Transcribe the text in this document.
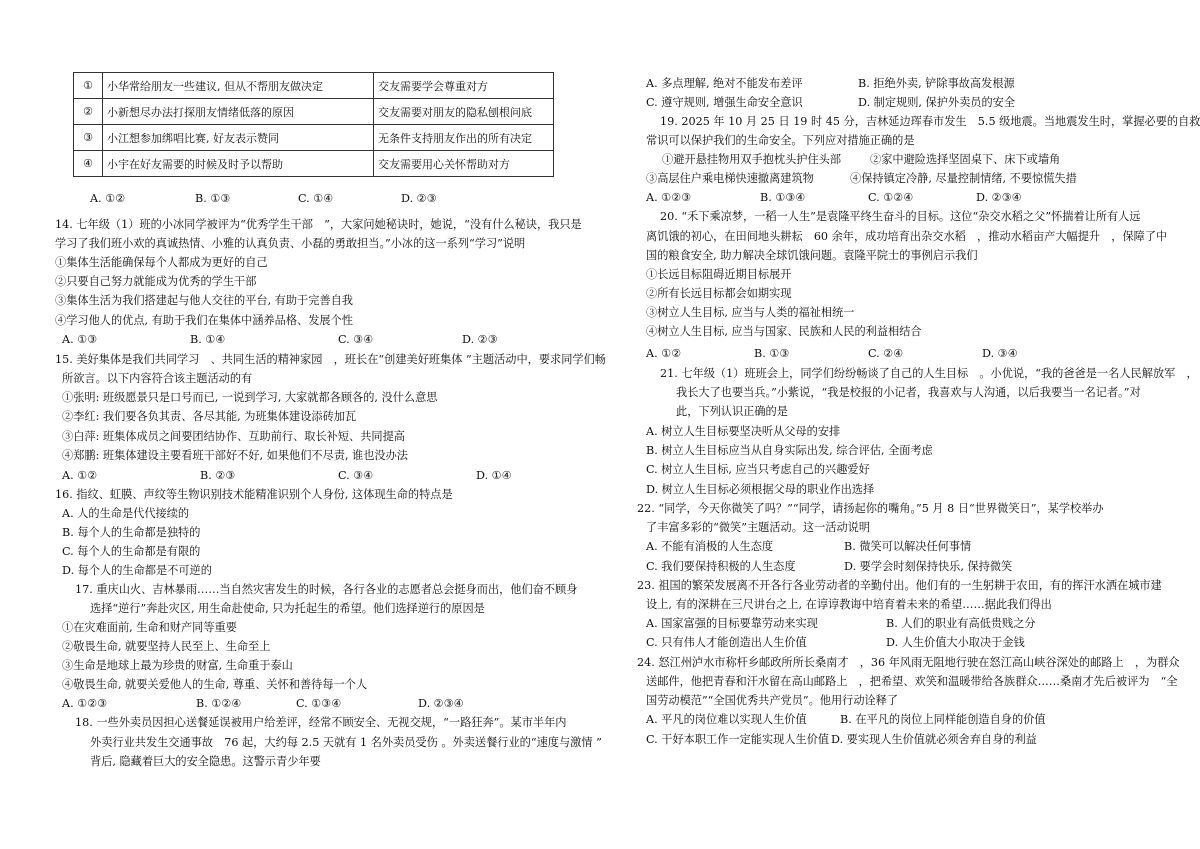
①	小华常给朋友一些建议, 但从不帮朋友做决定	交友需要学会尊重对方
②	小新想尽办法打探朋友情绪低落的原因	交友需要对朋友的隐私刨根问底
③	小江想参加绑唱比赛, 好友表示赞同	无条件支持朋友作出的所有决定
④	小宇在好友需要的时候及时予以帮助	交友需要用心关怀帮助对方
A. ①②	B. ①③	C. ①④	D. ②③
14. 七年级（1）班的小冰同学被评为“优秀学生干部　”，大家问她秘诀时，她说，“没有什么秘诀，我只是
学习了我们班小欢的真诚热情、小雅的认真负责、小磊的勇敢担当。”小冰的这一系列“学习”说明
①集体生活能确保每个人都成为更好的自己
②只要自己努力就能成为优秀的学生干部
③集体生活为我们搭建起与他人交往的平台, 有助于完善自我
④学习他人的优点, 有助于我们在集体中涵养品格、发展个性
A. ①③	B. ①④	C. ③④	D. ②③
15. 美好集体是我们共同学习　、共同生活的精神家园　，班长在“创建美好班集体 ”主题活动中，要求同学们畅
所欲言。以下内容符合该主题活动的有
①张明: 班级愿景只是口号而已, 一说到学习, 大家就都各顾各的, 没什么意思
②李红: 我们要各负其责、各尽其能, 为班集体建设添砖加瓦
③白萍: 班集体成员之间要团结协作、互助前行、取长补短、共同提高
④郑鹏: 班集体建设主要看班干部好不好, 如果他们不尽责, 谁也没办法
A. ①②	B. ②③	C. ③④	D. ①④
16. 指纹、虹膜、声纹等生物识别技术能精准识别个人身份, 这体现生命的特点是
A. 人的生命是代代接续的
B. 每个人的生命都是独特的
C. 每个人的生命都是有限的
D. 每个人的生命都是不可逆的
17. 重庆山火、吉林暴雨……当自然灾害发生的时候，各行各业的志愿者总会挺身而出，他们奋不顾身
选择“逆行”奔赴灾区, 用生命赴使命, 只为托起生的希望。他们选择逆行的原因是
①在灾难面前, 生命和财产同等重要
②敬畏生命, 就要坚持人民至上、生命至上
③生命是地球上最为珍贵的财富, 生命重于泰山
④敬畏生命, 就要关爱他人的生命, 尊重、关怀和善待每一个人
A. ①②③	B. ①②④	C. ①③④	D. ②③④
18. 一些外卖员因担心送餐延误被用户给差评，经常不顾安全、无视交规，“一路狂奔”。某市半年内
外卖行业共发生交通事故　76 起，大约每 2.5 天就有 1 名外卖员受伤 。外卖送餐行业的“速度与激情 ”
背后, 隐藏着巨大的安全隐患。这警示青少年要
A. 多点理解, 绝对不能发布差评	B. 拒绝外卖, 铲除事故高发根源
C. 遵守规则, 增强生命安全意识	D. 制定规则, 保护外卖员的安全
19. 2025 年 10 月 25 日 19 时 45 分，吉林延边珲春市发生　5.5 级地震。当地震发生时，掌握必要的自救
常识可以保护我们的生命安全。下列应对措施正确的是
①避开悬挂物用双手抱枕头护住头部	②家中避险选择坚固桌下、床下或墙角
③高层住户乘电梯快速撤离建筑物	④保持镇定冷静, 尽量控制情绪, 不要惊慌失措
A. ①②③	B. ①③④	C. ①②④	D. ②③④
20. “禾下乘凉梦，一稻一人生”是袁隆平终生奋斗的目标。这位“杂交水稻之父”怀揣着让所有人远
离饥饿的初心，在田间地头耕耘　60 余年，成功培育出杂交水稻　，推动水稻亩产大幅提升　，保障了中
国的粮食安全, 助力解决全球饥饿问题。袁隆平院士的事例启示我们
①长远目标阻碍近期目标展开
②所有长远目标都会如期实现
③树立人生目标, 应当与人类的福祉相统一
④树立人生目标, 应当与国家、民族和人民的利益相结合
A. ①②	B. ①③	C. ②④	D. ③④
21. 七年级（1）班班会上，同学们纷纷畅谈了自己的人生目标　。小优说，“我的爸爸是一名人民解放军　，
我长大了也要当兵。”小紫说，“我是校报的小记者，我喜欢与人沟通，以后我要当一名记者。”对
此，下列认识正确的是
A. 树立人生目标要坚决听从父母的安排
B. 树立人生目标应当从自身实际出发, 综合评估, 全面考虑
C. 树立人生目标, 应当只考虑自己的兴趣爱好
D. 树立人生目标必须根据父母的职业作出选择
22. “同学，今天你微笑了吗？”“同学，请扬起你的嘴角。”5 月 8 日“世界微笑日”，某学校举办
了丰富多彩的“微笑”主题活动。这一活动说明
A. 不能有消极的人生态度	B. 微笑可以解决任何事情
C. 我们要保持积极的人生态度	D. 要学会时刻保持快乐, 保持微笑
23. 祖国的繁荣发展离不开各行各业劳动者的辛勤付出。他们有的一生躬耕于农田，有的挥汗水洒在城市建
设上, 有的深耕在三尺讲台之上, 在谆谆教诲中培育着未来的希望……据此我们得出
A. 国家富强的目标要靠劳动来实现	B. 人们的职业有高低贵贱之分
C. 只有伟人才能创造出人生价值	D. 人生价值大小取决于金钱
24. 怒江州泸水市称杆乡邮政所所长桑南才　，36 年风雨无阻地行驶在怒江高山峡谷深处的邮路上　，为群众
送邮件，他把青春和汗水留在高山邮路上　，把希望、欢笑和温暖带给各族群众……桑南才先后被评为　“全
国劳动模范”“全国优秀共产党员”。他用行动诠释了
A. 平凡的岗位难以实现人生价值	B. 在平凡的岗位上同样能创造自身的价值
C. 干好本职工作一定能实现人生价值 D. 要实现人生价值就必须舍弃自身的利益
